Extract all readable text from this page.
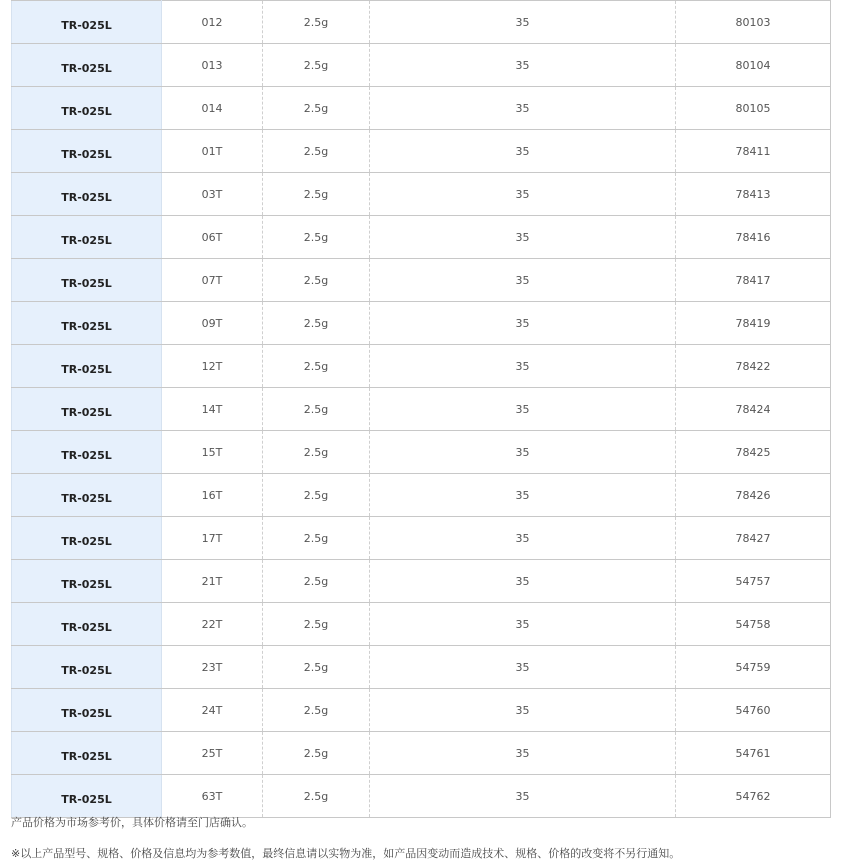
TR-025L	012	2.5g	35	80103
TR-025L	013	2.5g	35	80104
TR-025L	014	2.5g	35	80105
TR-025L	01T	2.5g	35	78411
TR-025L	03T	2.5g	35	78413
TR-025L	06T	2.5g	35	78416
TR-025L	07T	2.5g	35	78417
TR-025L	09T	2.5g	35	78419
TR-025L	12T	2.5g	35	78422
TR-025L	14T	2.5g	35	78424
TR-025L	15T	2.5g	35	78425
TR-025L	16T	2.5g	35	78426
TR-025L	17T	2.5g	35	78427
TR-025L	21T	2.5g	35	54757
TR-025L	22T	2.5g	35	54758
TR-025L	23T	2.5g	35	54759
TR-025L	24T	2.5g	35	54760
TR-025L	25T	2.5g	35	54761
TR-025L	63T	2.5g	35	54762
产品价格为市场参考价，具体价格请至门店确认。
※以上产品型号、规格、价格及信息均为参考数值，最终信息请以实物为准，如产品因变动而造成技术、规格、价格的改变将不另行通知。
